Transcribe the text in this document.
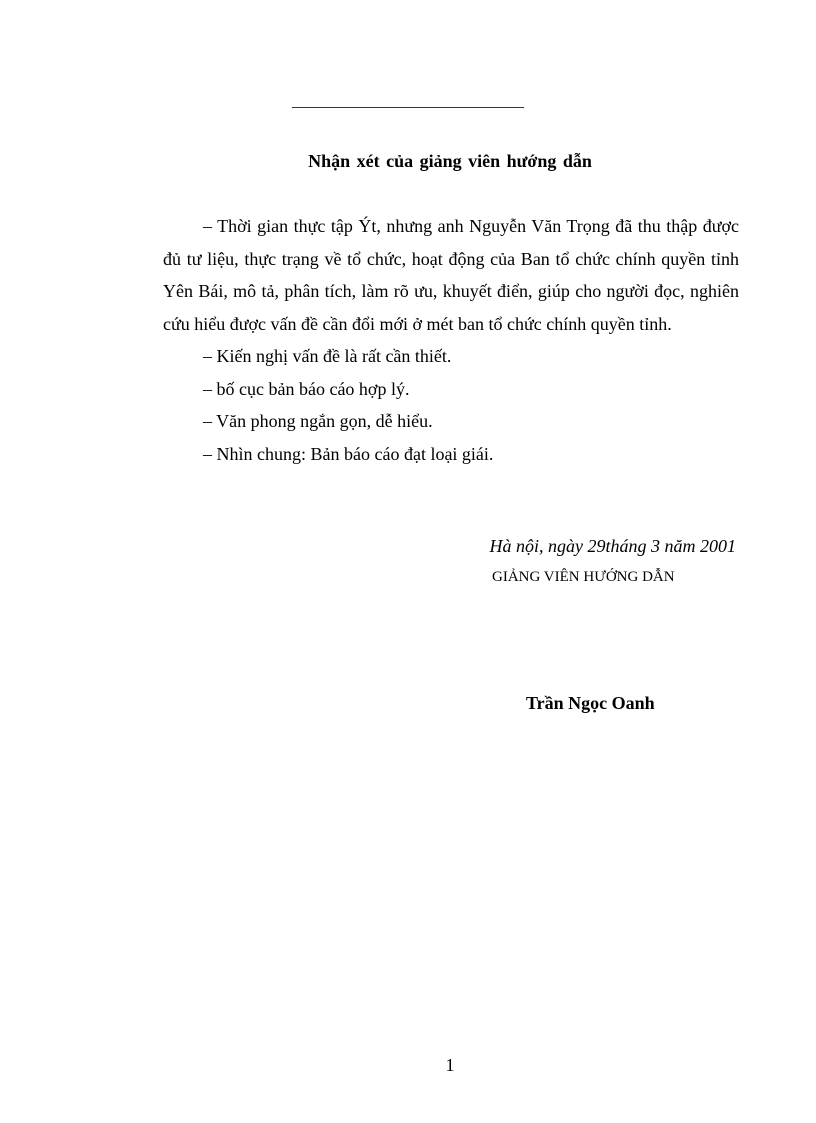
_____________________________
Nhận xét của giảng viên hướng dẫn

– Thời gian thực tập Ýt, nhưng anh Nguyễn Văn Trọng đã thu thập được đủ tư liệu, thực trạng về tổ chức, hoạt động của Ban tổ chức chính quyền tỉnh Yên Bái, mô tả, phân tích, làm rõ ưu, khuyết điển, giúp cho người đọc, nghiên cứu hiểu được vấn đề cần đổi mới ở mét ban tổ chức chính quyền tỉnh.

– Kiến nghị vấn đề là rất cần thiết.

– bố cục bản báo cáo hợp lý.

– Văn phong ngắn gọn, dễ hiểu.

– Nhìn chung: Bản báo cáo đạt loại giái.

Hà nội, ngày 29tháng 3 năm 2001
GIẢNG VIÊN HƯỚNG DẪN
Trần Ngọc Oanh
1
